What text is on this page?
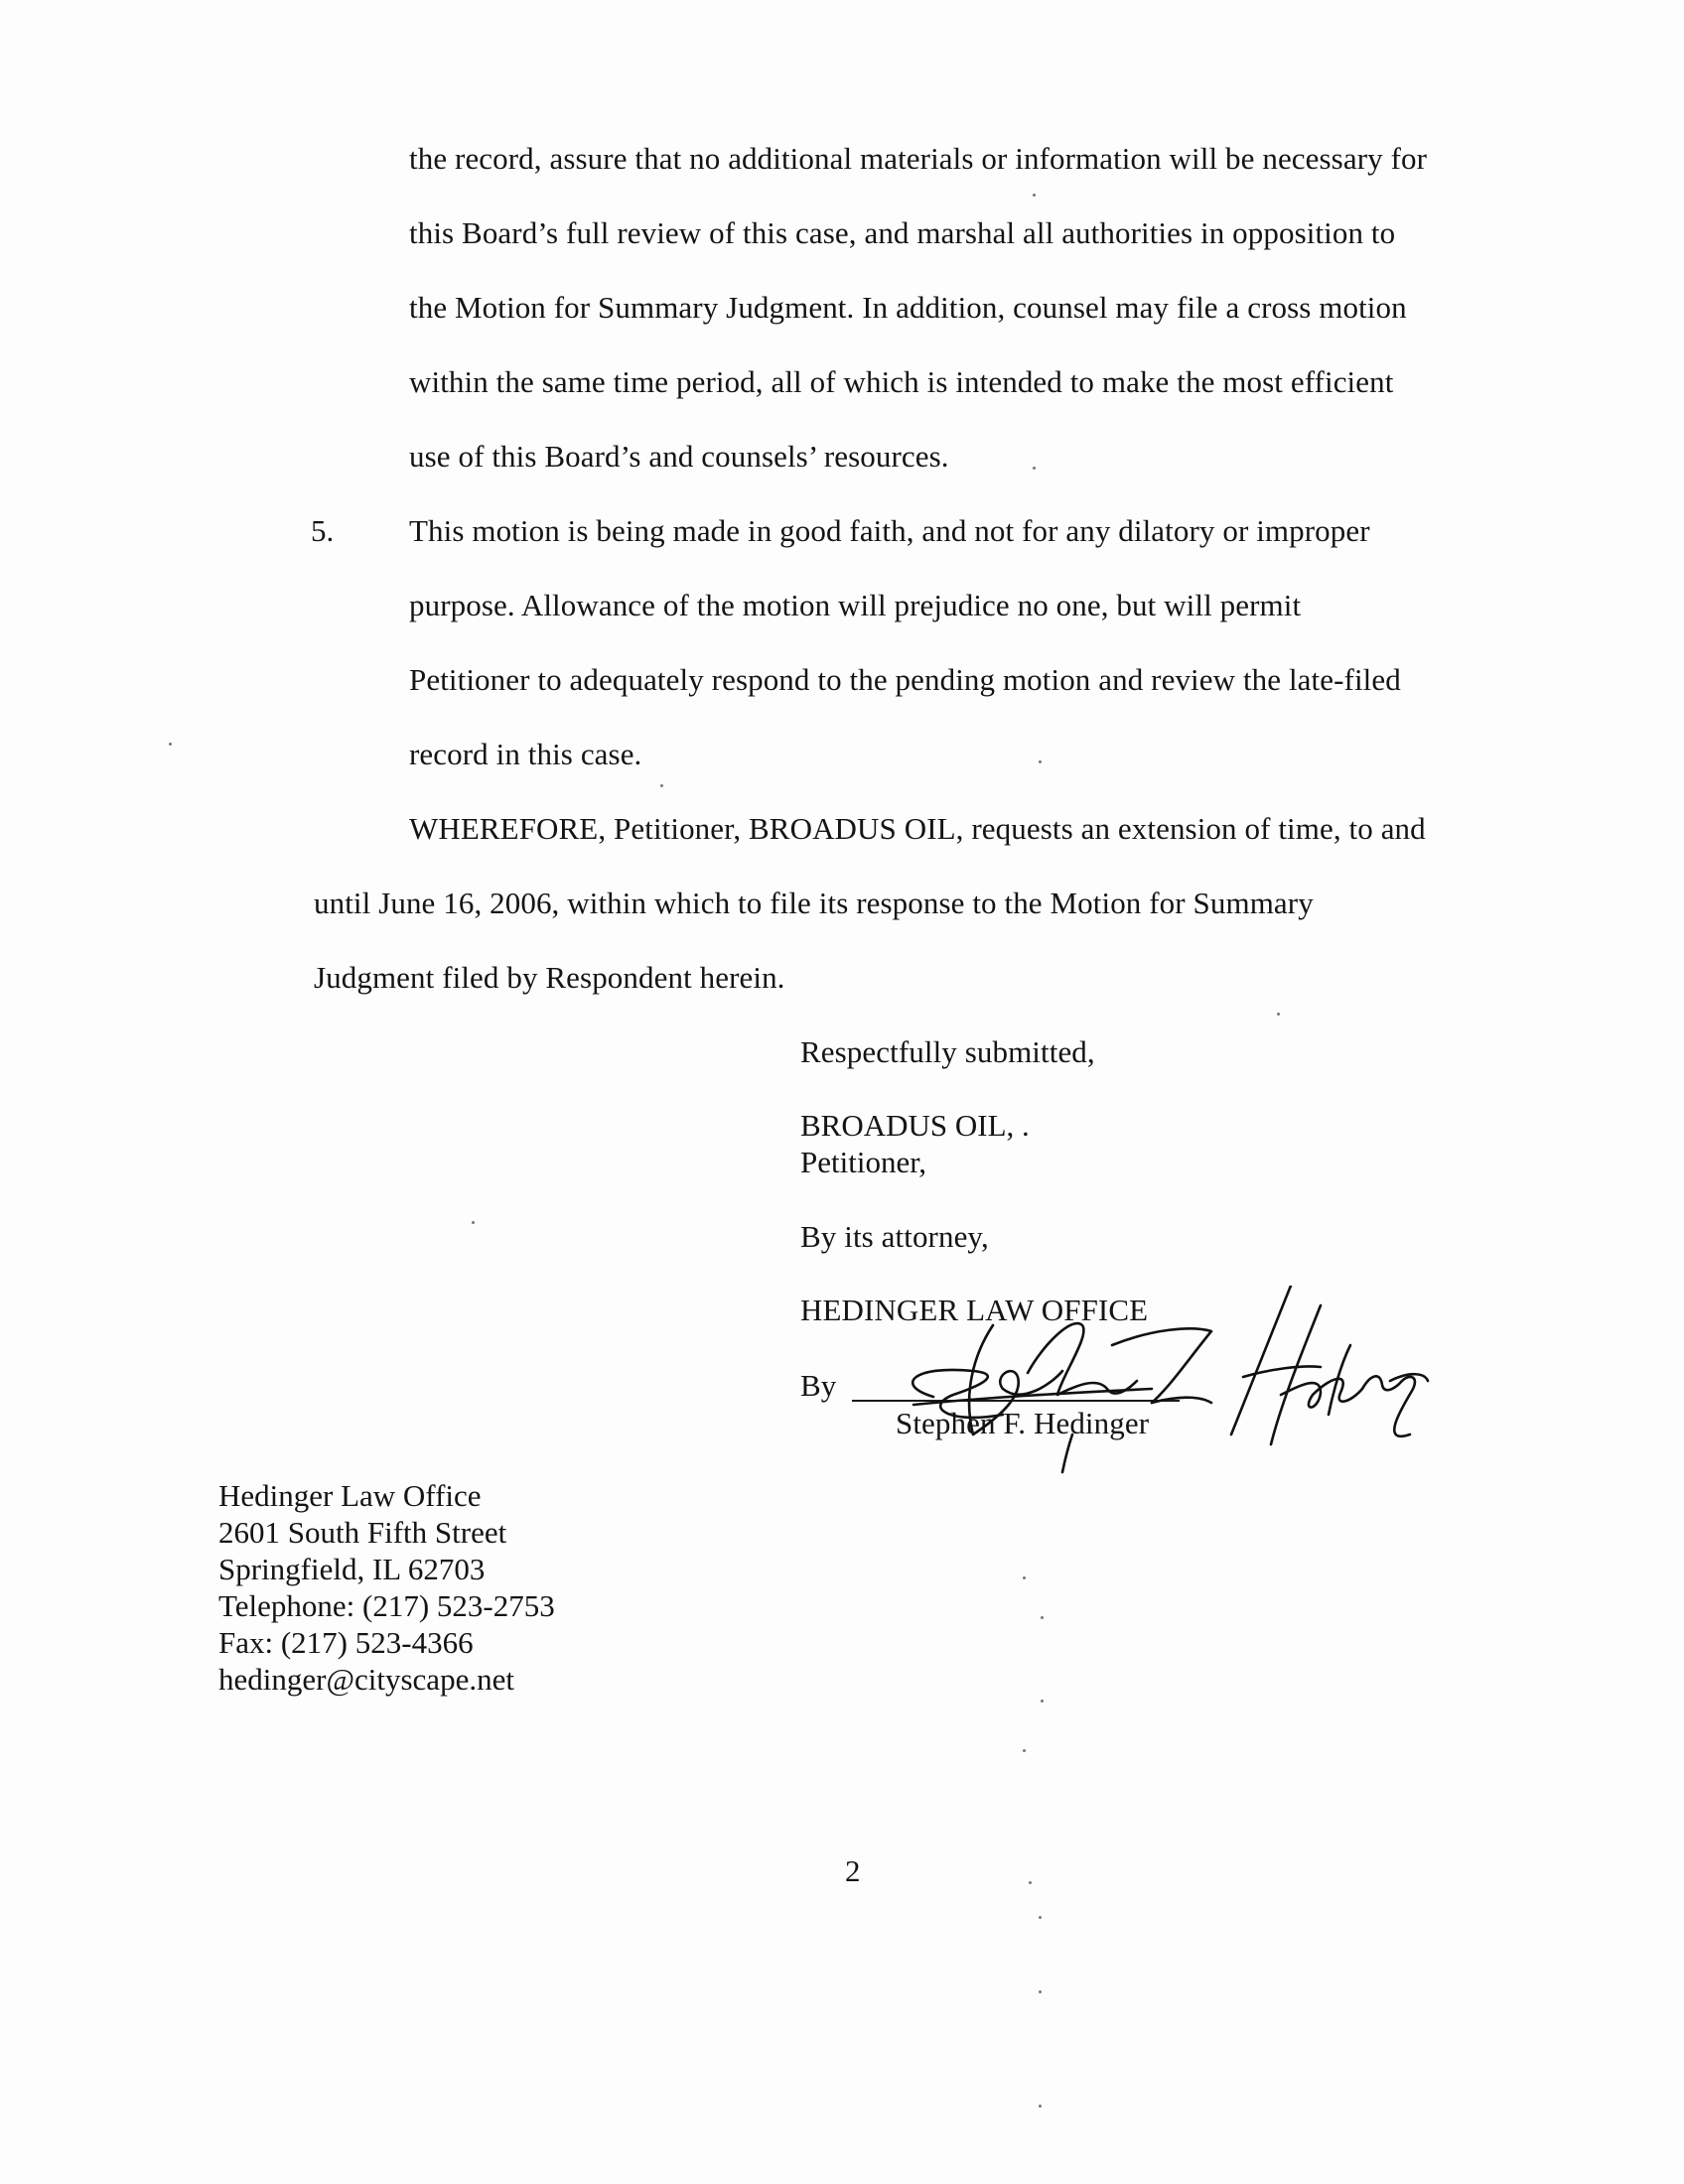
the record, assure that no additional materials or information will be necessary for
this Board’s full review of this case, and marshal all authorities in opposition to
the Motion for Summary Judgment. In addition, counsel may file a cross motion
within the same time period, all of which is intended to make the most efficient
use of this Board’s and counsels’ resources.
5. This motion is being made in good faith, and not for any dilatory or improper
purpose. Allowance of the motion will prejudice no one, but will permit
Petitioner to adequately respond to the pending motion and review the late-filed
record in this case.
WHEREFORE, Petitioner, BROADUS OIL, requests an extension of time, to and
until June 16, 2006, within which to file its response to the Motion for Summary
Judgment filed by Respondent herein.
Respectfully submitted,
BROADUS OIL, .
Petitioner,
By its attorney,
HEDINGER LAW OFFICE
By
Stephen F. Hedinger
Hedinger Law Office
2601 South Fifth Street
Springfield, IL 62703
Telephone: (217) 523-2753
Fax: (217) 523-4366
hedinger@cityscape.net
2
